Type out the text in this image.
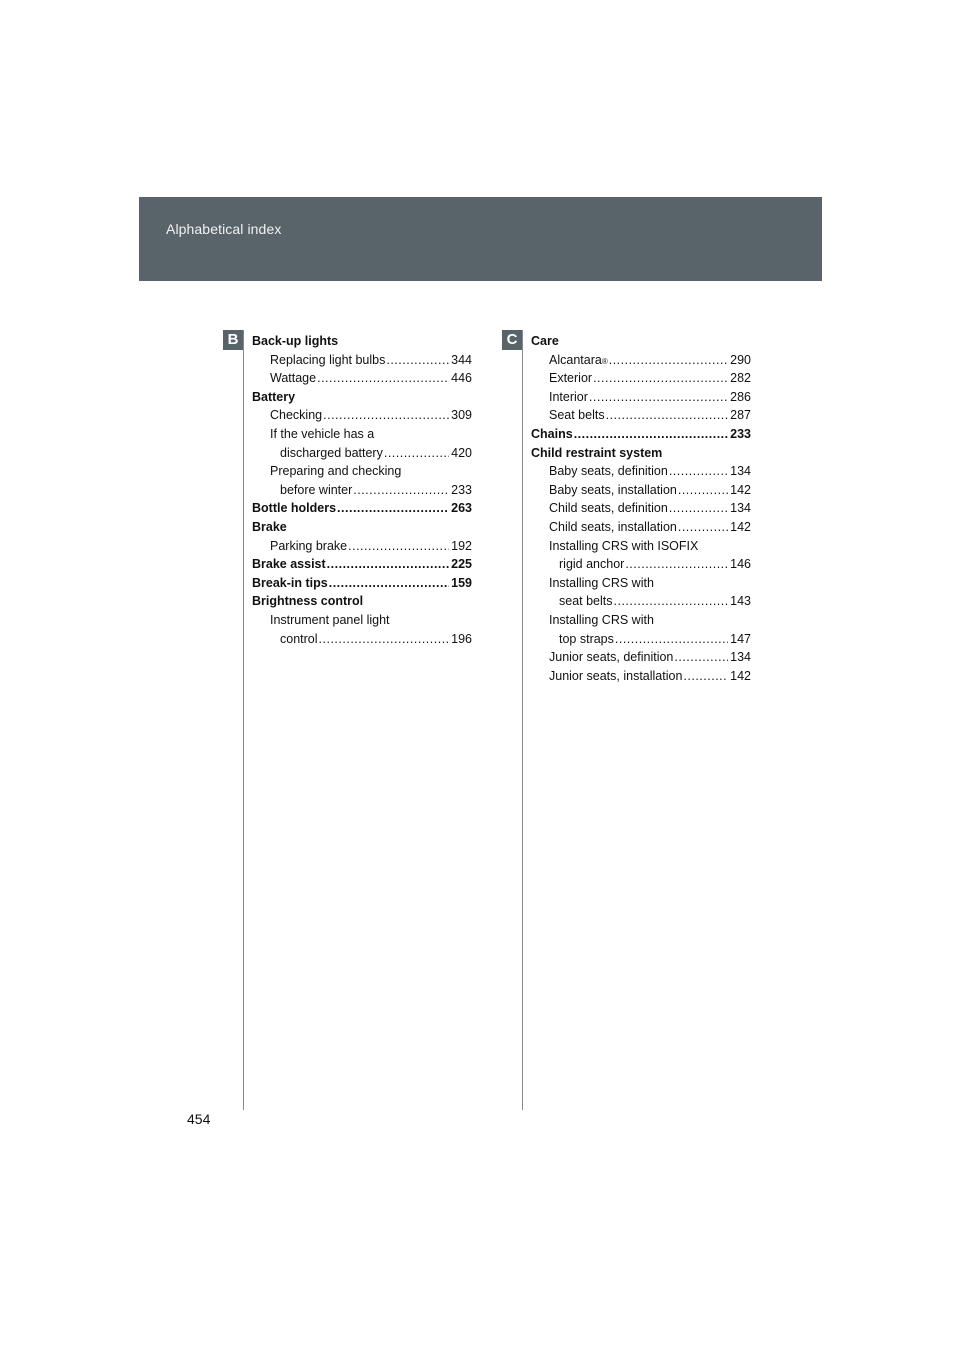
Alphabetical index
B	C
Back-up lights
Replacing light bulbs .....	344
Wattage .....	446
Battery
Checking .....	309
If the vehicle has a
discharged battery .....	420
Preparing and checking
before winter .....	233
Bottle holders .....	263
Brake
Parking brake .....	192
Brake assist .....	225
Break-in tips .....	159
Brightness control
Instrument panel light
control .....	196
Care
Alcantara ® .....	290
Exterior .....	282
Interior .....	286
Seat belts .....	287
Chains .....	233
Child restraint system
Baby seats, definition .....	134
Baby seats, installation .....	142
Child seats, definition .....	134
Child seats, installation .....	142
Installing CRS with ISOFIX
rigid anchor .....	146
Installing CRS with
seat belts .....	143
Installing CRS with
top straps .....	147
Junior seats, definition .....	134
Junior seats, installation .....	142
454
